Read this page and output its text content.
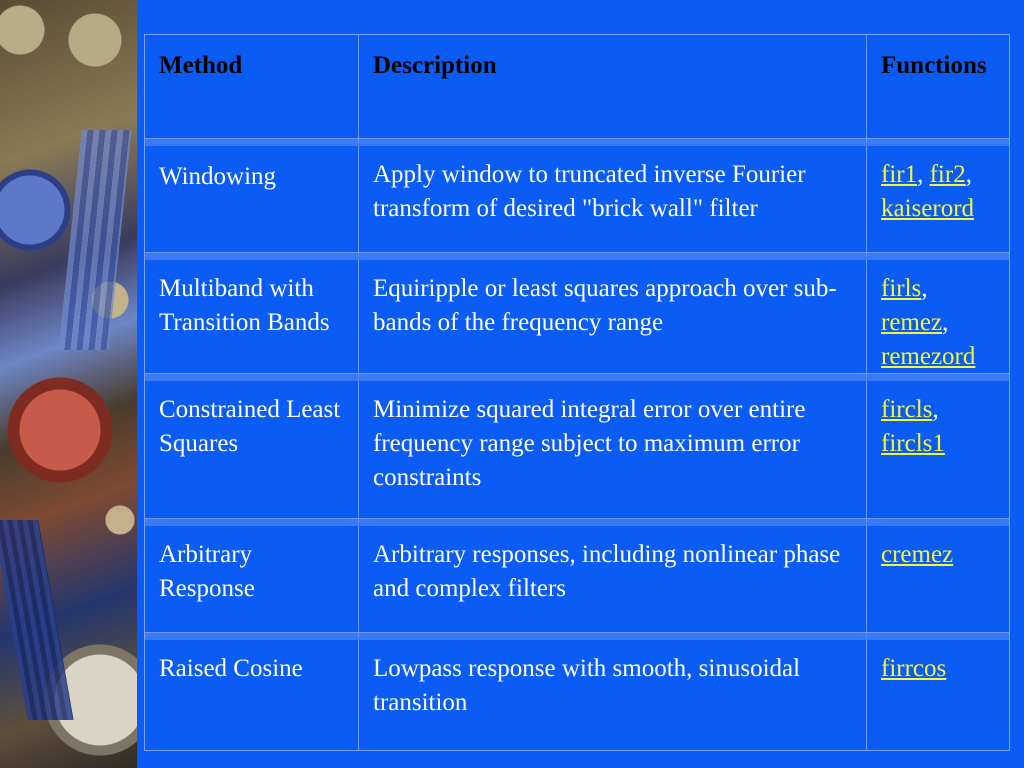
Method	Description	Functions
Windowing	Apply window to truncated inverse Fourier transform of desired "brick wall" filter	fir1, fir2, kaiserord
Multiband with Transition Bands	Equiripple or least squares approach over sub-bands of the frequency range	firls, remez, remezord
Constrained Least Squares	Minimize squared integral error over entire frequency range subject to maximum error constraints	fircls, fircls1
Arbitrary Response	Arbitrary responses, including nonlinear phase and complex filters	cremez
Raised Cosine	Lowpass response with smooth, sinusoidal transition	firrcos
